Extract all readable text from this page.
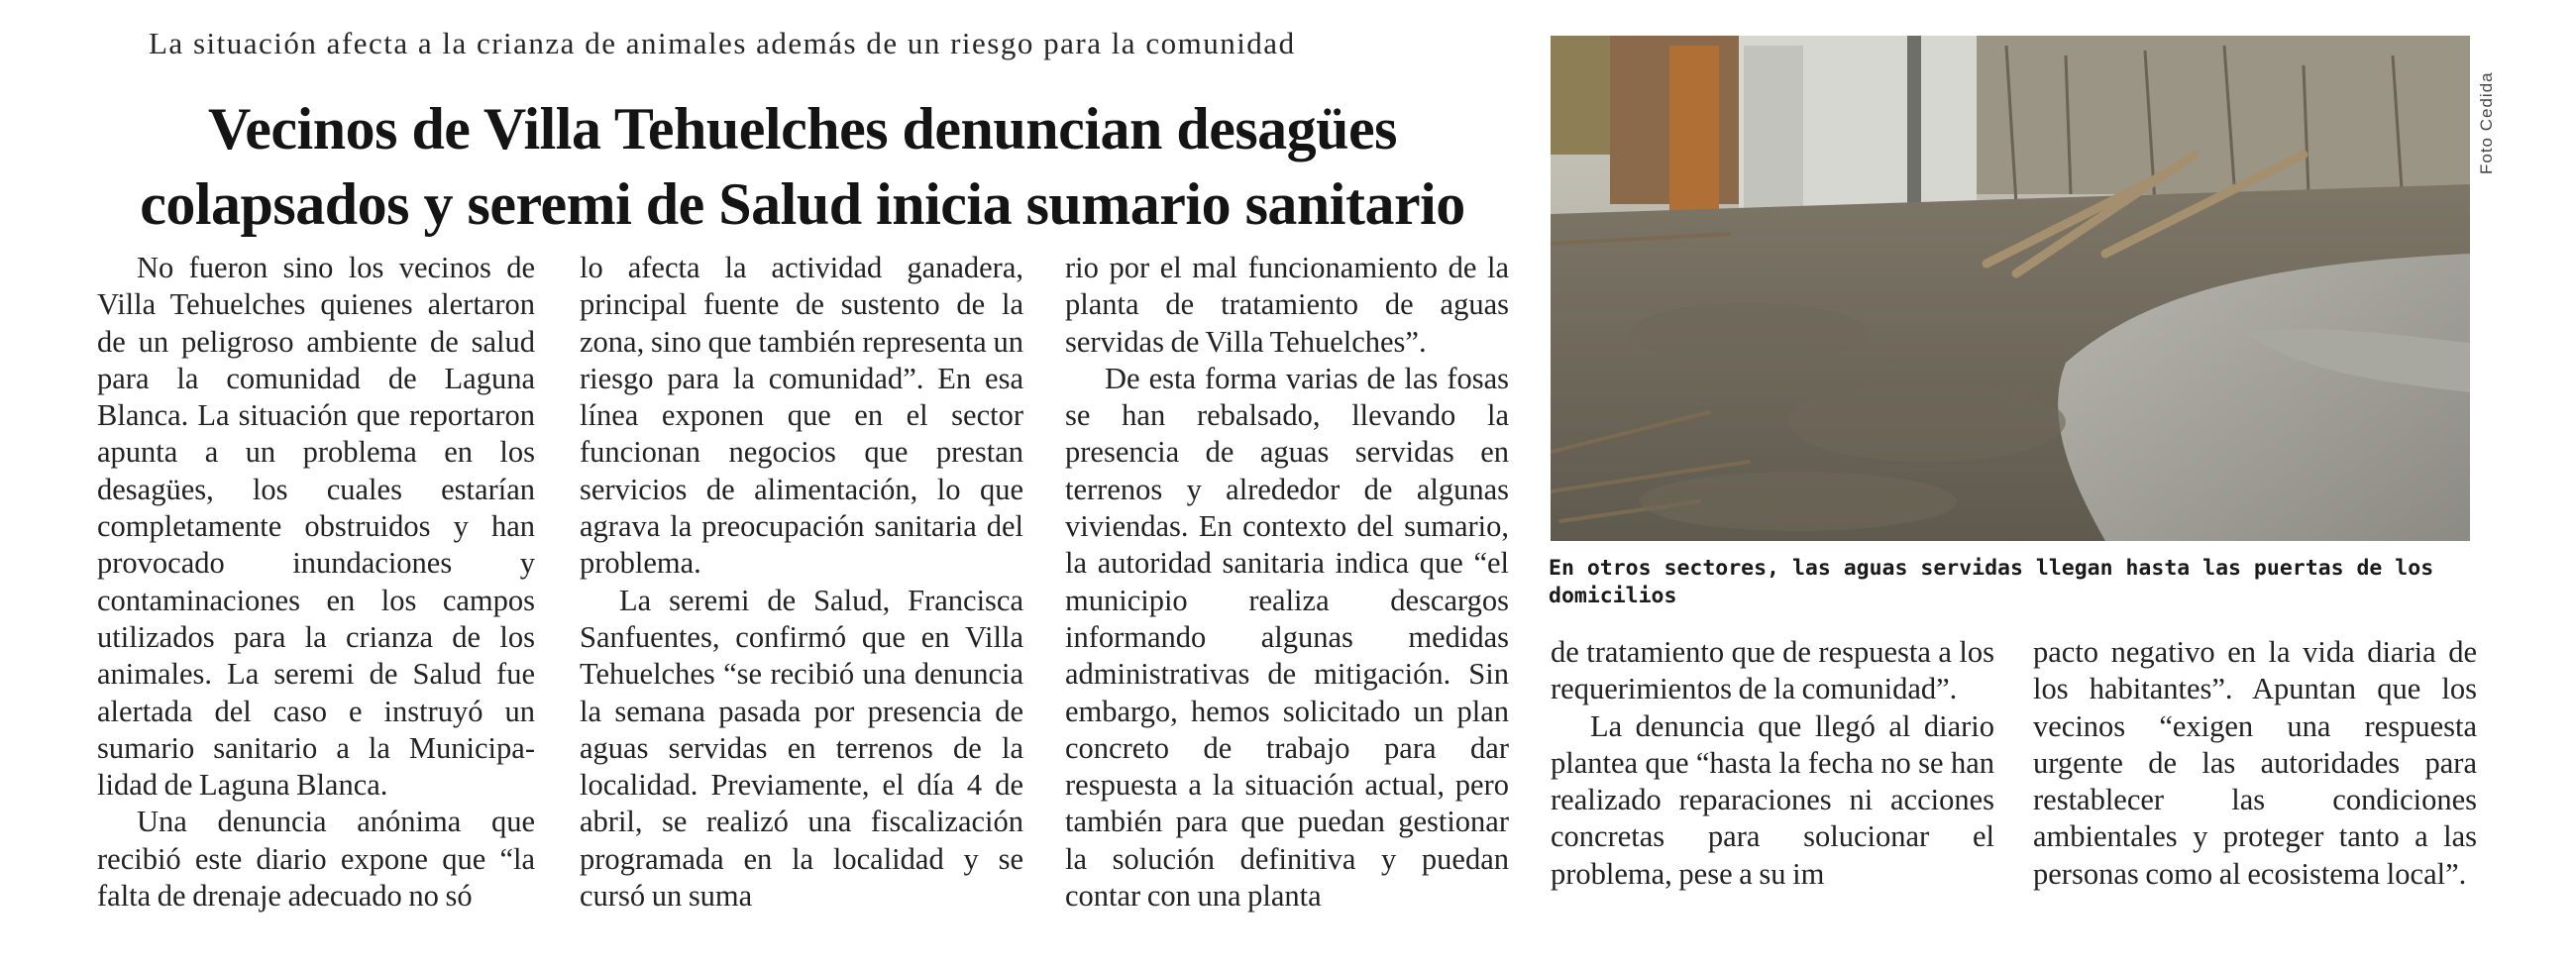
La situación afecta a la crianza de animales además de un riesgo para la comunidad
Vecinos de Villa Tehuelches denuncian desagües
colapsados y seremi de Salud inicia sumario sanitario

No fueron sino los vecinos de Villa Tehuelches quienes alertaron de un peligroso ambiente de salud para la comunidad de Laguna Blanca. La situación que reportaron apunta a un problema en los desagües, los cuales estarían completamente obstruidos y han provocado inundaciones y contaminaciones en los campos utilizados para la crianza de los animales. La seremi de Salud fue alertada del caso e instruyó un sumario sanitario a la Municipalidad de Laguna Blanca.

Una denuncia anónima que recibió este diario expone que “la falta de drenaje adecuado no só

lo afecta la actividad ganadera, principal fuente de sustento de la zona, sino que también representa un riesgo para la comunidad”. En esa línea exponen que en el sector funcionan negocios que prestan servicios de alimentación, lo que agrava la preocupación sanitaria del problema.

La seremi de Salud, Francisca Sanfuentes, confirmó que en Villa Tehuelches “se recibió una denuncia la semana pasada por presencia de aguas servidas en terrenos de la localidad. Previamente, el día 4 de abril, se realizó una fiscalización programada en la localidad y se cursó un suma

rio por el mal funcionamiento de la planta de tratamiento de aguas servidas de Villa Tehuelches”.

De esta forma varias de las fosas se han rebalsado, llevando la presencia de aguas servidas en terrenos y alrededor de algunas viviendas. En contexto del sumario, la autoridad sanitaria indica que “el municipio realiza descargos informando algunas medidas administrativas de mitigación. Sin embargo, hemos solicitado un plan concreto de trabajo para dar respuesta a la situación actual, pero también para que puedan gestionar la solución definitiva y puedan contar con una planta

de tratamiento que de respuesta a los requerimientos de la comunidad”.

La denuncia que llegó al diario plantea que “hasta la fecha no se han realizado reparaciones ni acciones concretas para solucionar el problema, pese a su im

pacto negativo en la vida diaria de los habitantes”. Apuntan que los vecinos “exigen una respuesta urgente de las autoridades para restablecer las condiciones ambientales y proteger tanto a las personas como al ecosistema local”.

Foto Cedida
En otros sectores, las aguas servidas llegan hasta las puertas de los domicilios
